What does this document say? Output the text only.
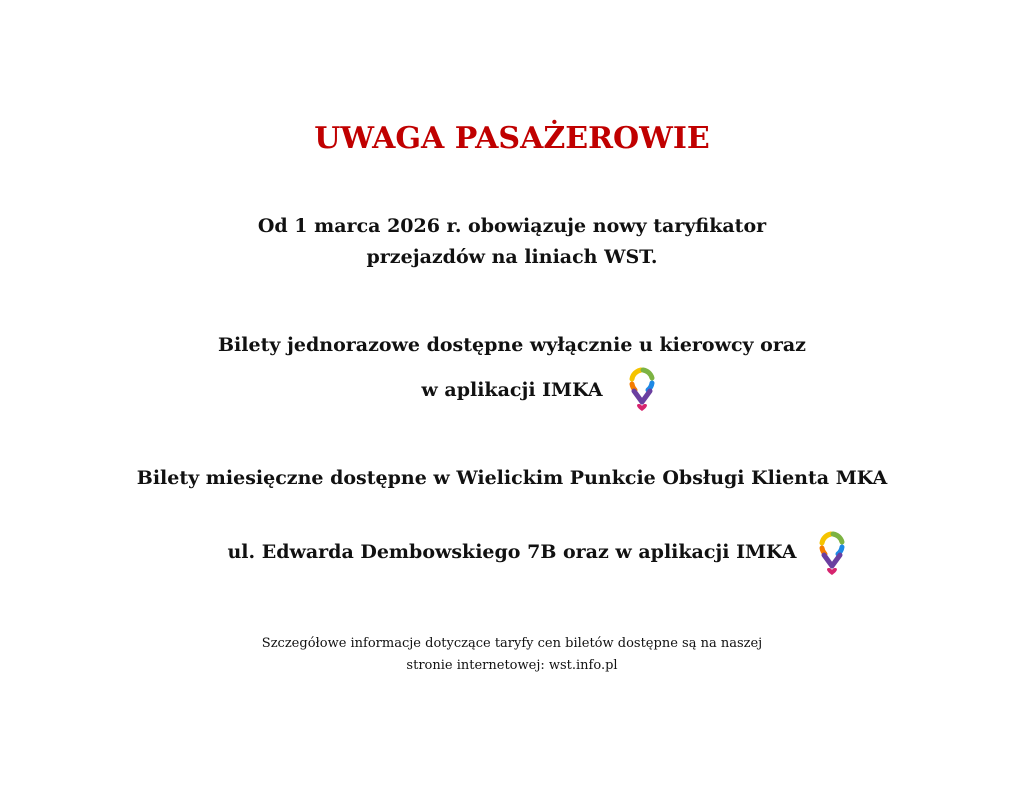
UWAGA PASAŻEROWIE
Od 1 marca 2026 r. obowiązuje nowy taryfikator
przejazdów na liniach WST.
Bilety jednorazowe dostępne wyłącznie u kierowcy oraz
w aplikacji IMKA
Bilety miesięczne dostępne w Wielickim Punkcie Obsługi Klienta MKA
ul. Edwarda Dembowskiego 7B oraz w aplikacji IMKA
Szczegółowe informacje dotyczące taryfy cen biletów dostępne są na naszej
stronie internetowej: wst.info.pl
